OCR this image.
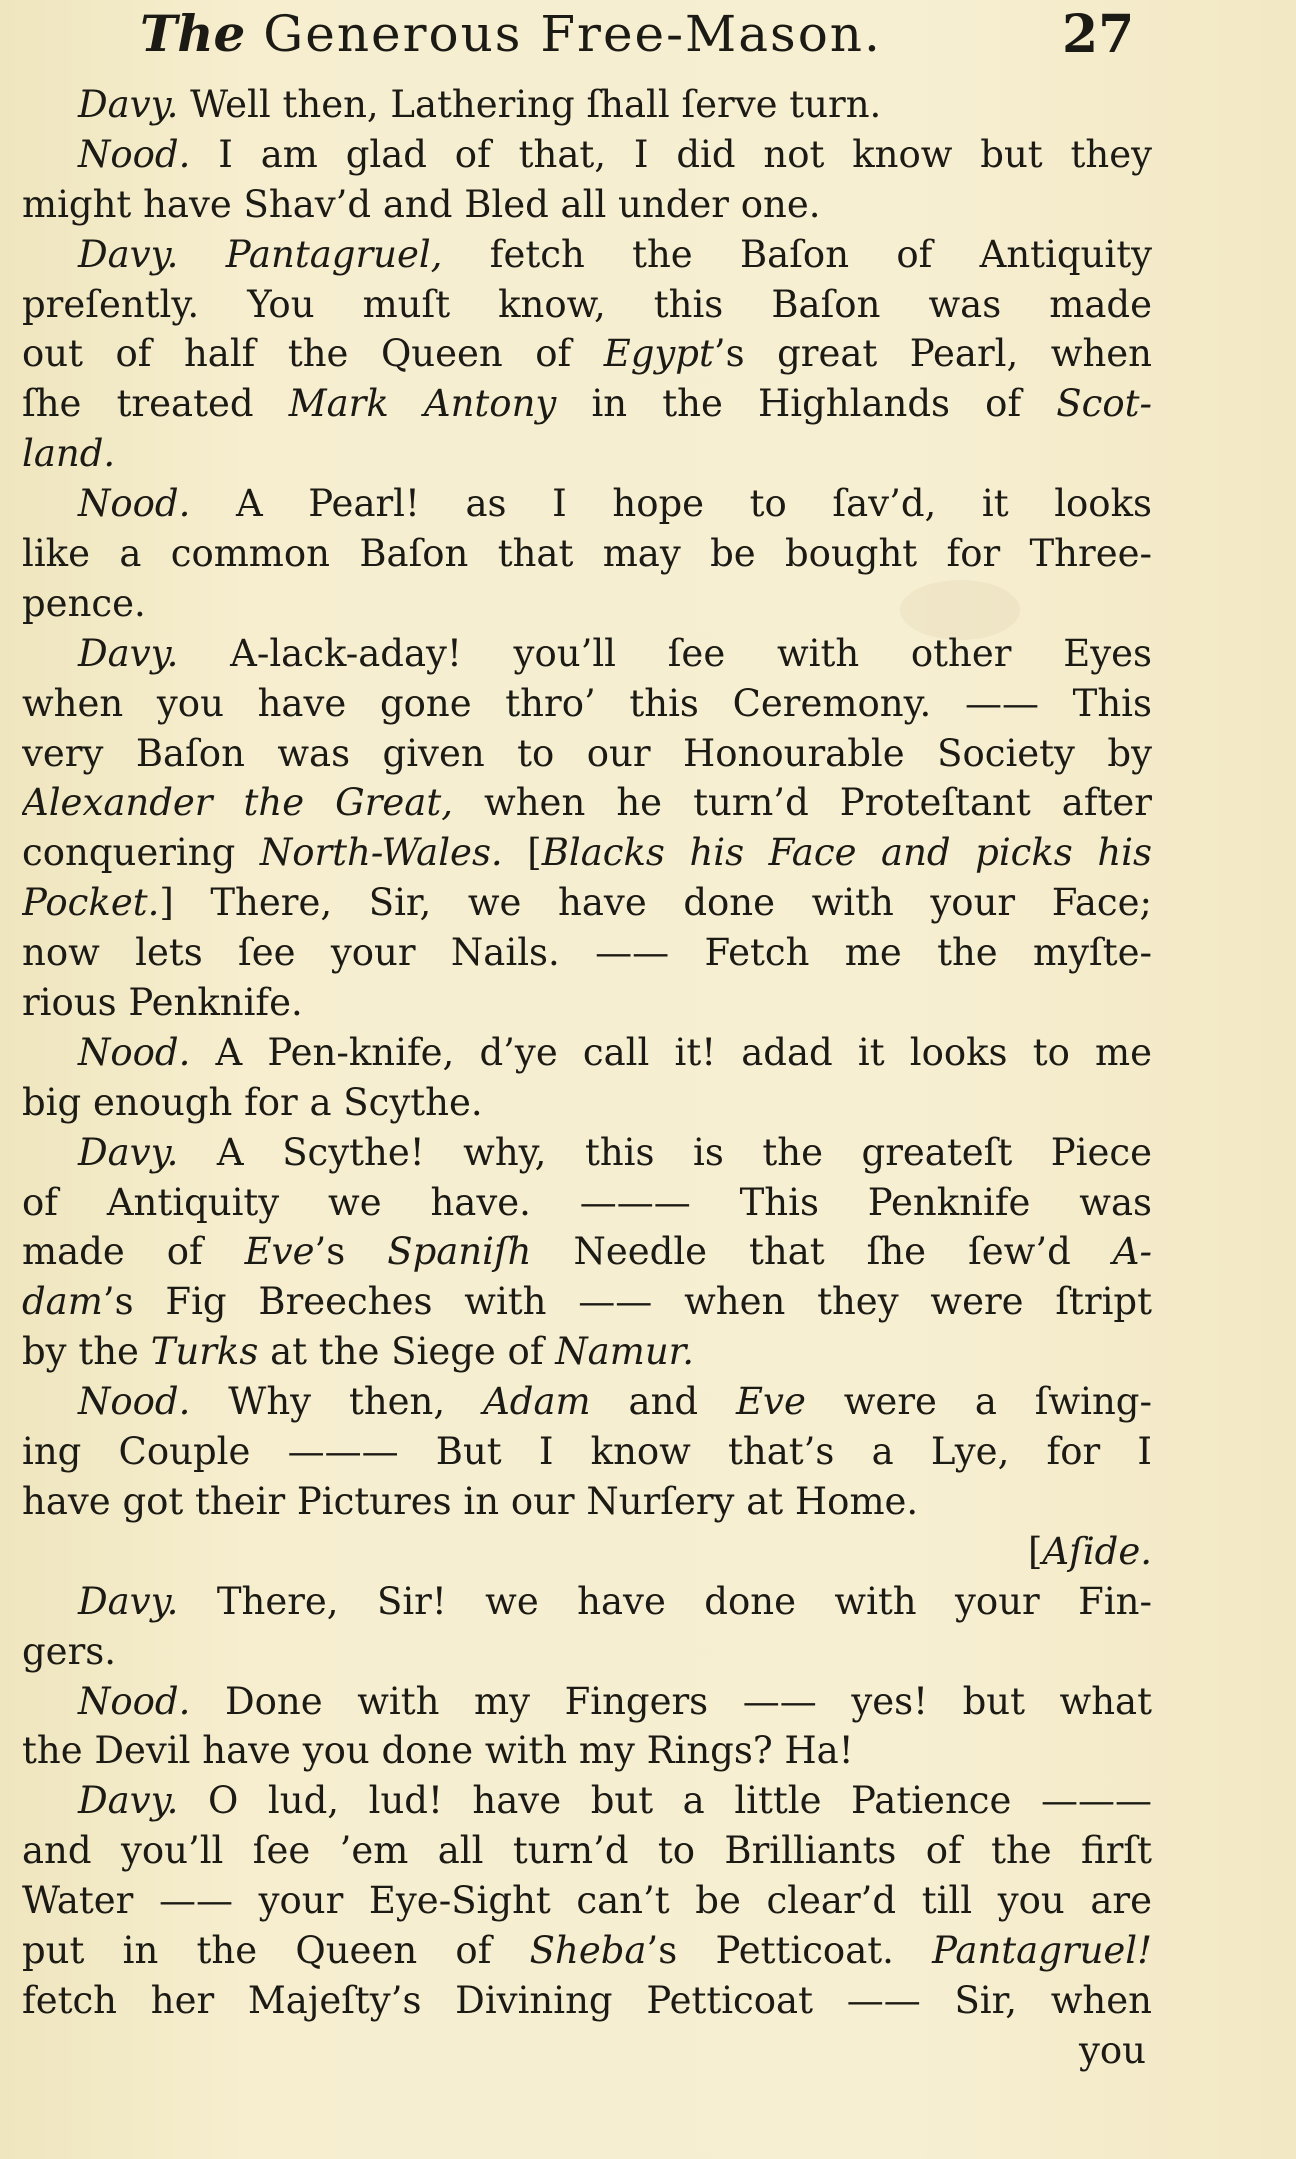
The Generous Free-Mason.	27
Davy. Well then, Lathering ſhall ſerve turn.
Nood. I am glad of that, I did not know but they
might have Shav’d and Bled all under one.
Davy. Pantagruel, fetch the Baſon of Antiquity
preſently. You muſt know, this Baſon was made
out of half the Queen of Egypt’s great Pearl, when
ſhe treated Mark Antony in the Highlands of Scot-
land.
Nood. A Pearl! as I hope to ſav’d, it looks
like a common Baſon that may be bought for Three-
pence.
Davy. A-lack-aday! you’ll ſee with other Eyes
when you have gone thro’ this Ceremony. —— This
very Baſon was given to our Honourable Society by
Alexander the Great, when he turn’d Proteſtant after
conquering North-Wales. [Blacks his Face and picks his
Pocket.] There, Sir, we have done with your Face;
now lets ſee your Nails. —— Fetch me the myſte-
rious Penknife.
Nood. A Pen-knife, d’ye call it! adad it looks to me
big enough for a Scythe.
Davy. A Scythe! why, this is the greateſt Piece
of Antiquity we have. ——— This Penknife was
made of Eve’s Spaniſh Needle that ſhe ſew’d A-
dam’s Fig Breeches with —— when they were ſtript
by the Turks at the Siege of Namur.
Nood. Why then, Adam and Eve were a ſwing-
ing Couple ——— But I know that’s a Lye, for I
have got their Pictures in our Nurſery at Home.
[Aſide.
Davy. There, Sir! we have done with your Fin-
gers.
Nood. Done with my Fingers —— yes! but what
the Devil have you done with my Rings? Ha!
Davy. O lud, lud! have but a little Patience ———
and you’ll ſee ’em all turn’d to Brilliants of the firſt
Water —— your Eye-Sight can’t be clear’d till you are
put in the Queen of Sheba’s Petticoat. Pantagruel!
fetch her Majeſty’s Divining Petticoat —— Sir, when
you
